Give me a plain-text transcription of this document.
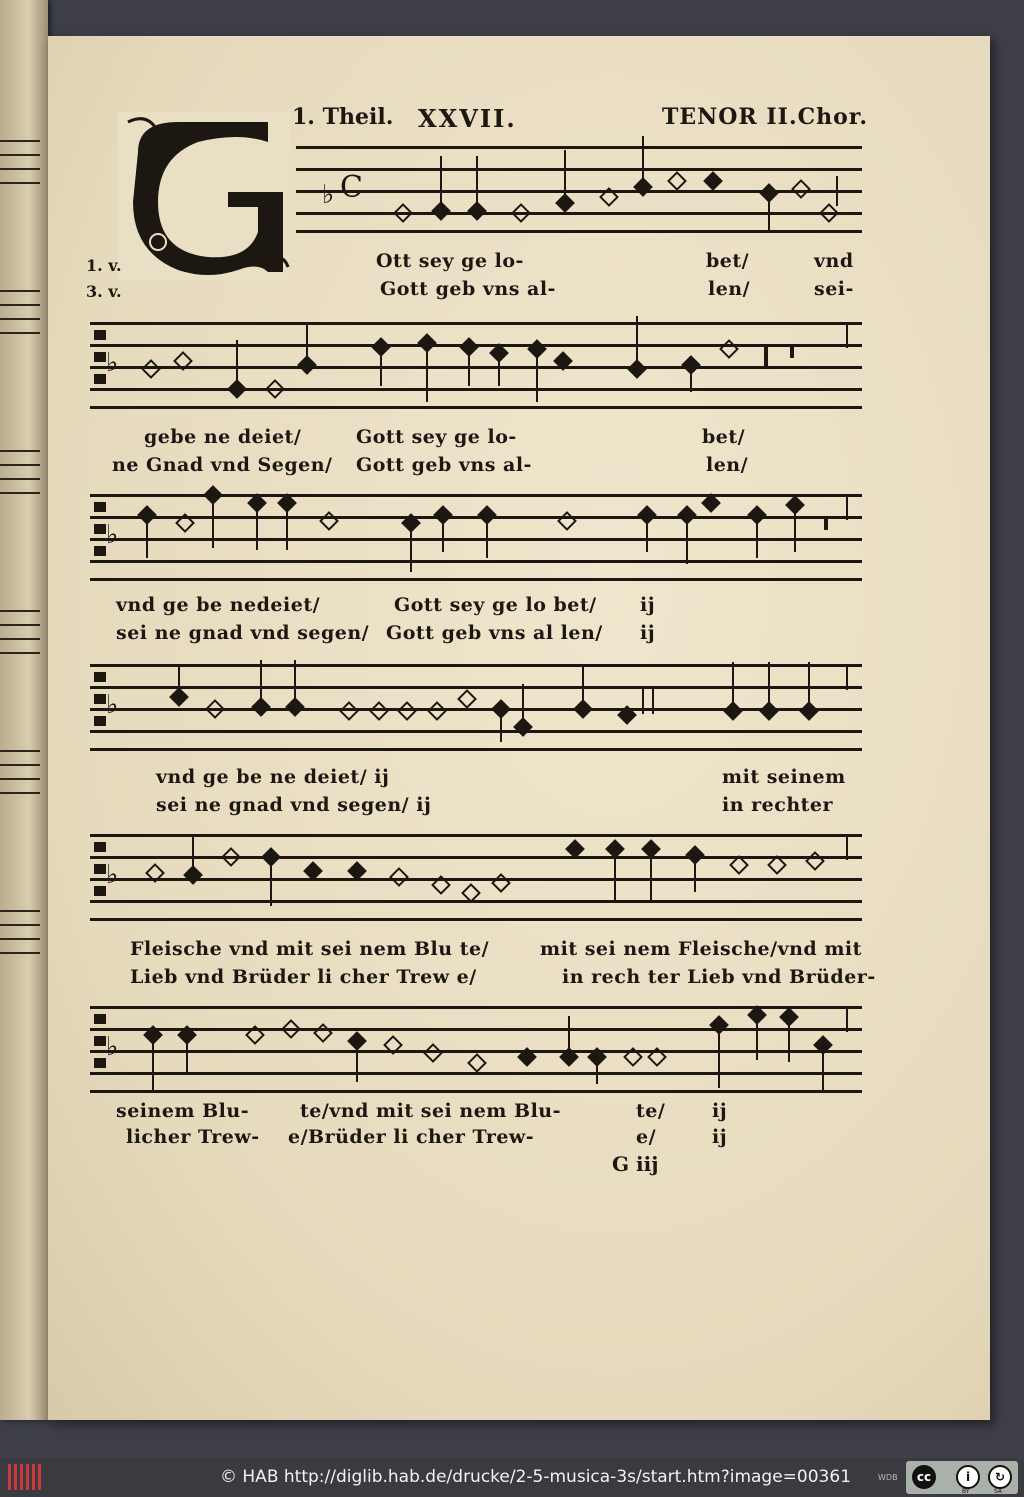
1. Theil. XXVII.	TENOR II.Chor.
1. v.
3. v.
♭ C
Ott sey ge lo-	bet/	vnd
Gott geb vns al-	len/	sei-
♭
gebe ne deiet/	Gott sey ge lo-	bet/
ne Gnad vnd Segen/ Gott geb vns al-	len/
♭
vnd ge be nedeiet/	Gott sey ge lo bet/ ij
sei ne gnad vnd segen/ Gott geb vns al len/ ij
♭
vnd ge be ne deiet/ ij	mit seinem
sei ne gnad vnd segen/ ij	in rechter
♭
Fleische vnd mit sei nem Blu te/	mit sei nem Fleische/vnd mit
Lieb vnd Brüder li cher Trew e/	in rech ter Lieb vnd Brüder-
♭
seinem Blu-	te/vnd mit sei nem Blu-	te/ ij
licher Trew- e/Brüder li cher Trew-	e/	ij
G iij
© HAB http://diglib.hab.de/drucke/2-5-musica-3s/start.htm?image=00361	WDB	cc	i	↻
BY	SA
